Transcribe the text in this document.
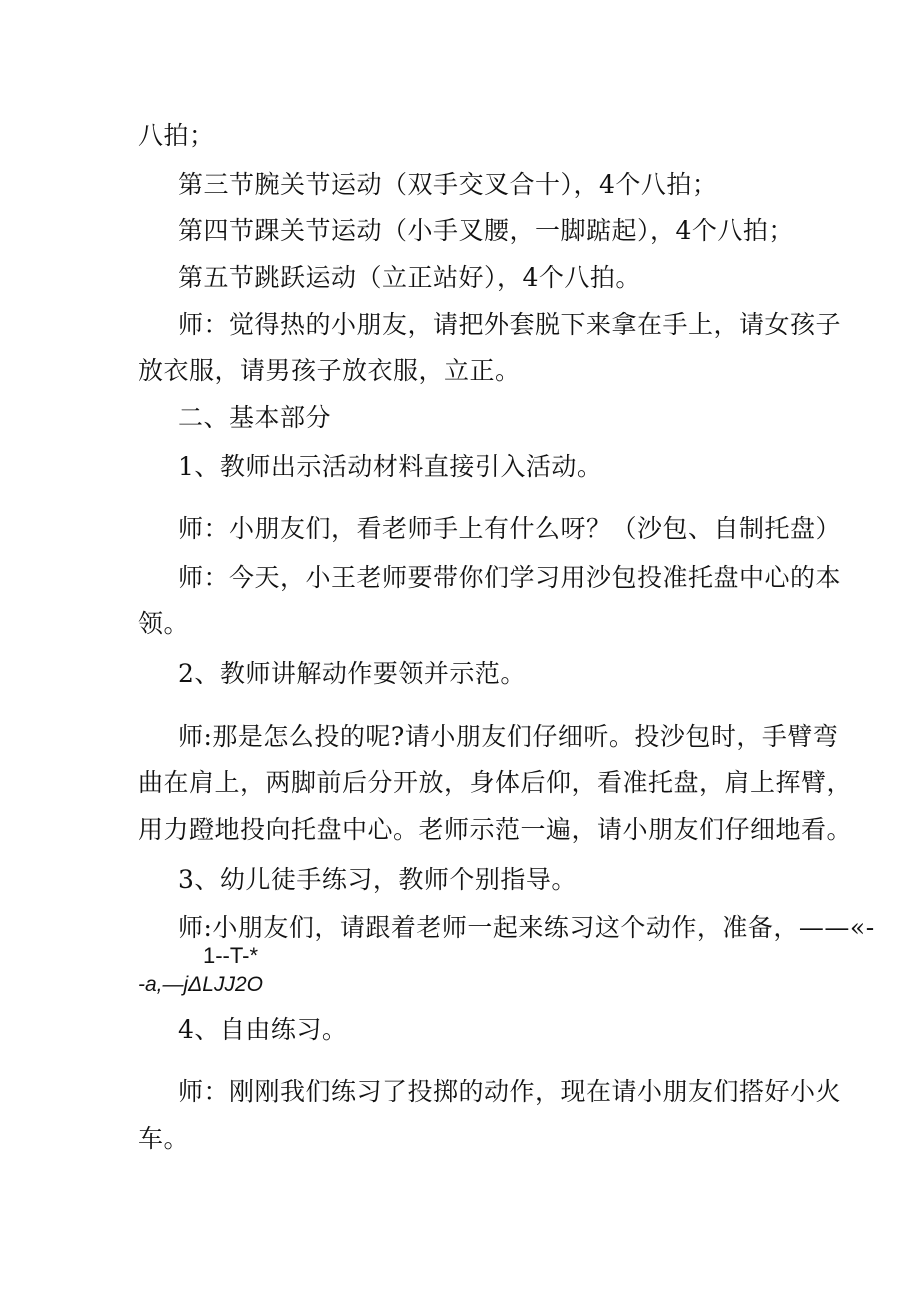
八拍；
第三节腕关节运动（双手交叉合十），4个八拍；
第四节踝关节运动（小手叉腰，一脚踮起），4个八拍；
第五节跳跃运动（立正站好），4个八拍。
师：觉得热的小朋友，请把外套脱下来拿在手上，请女孩子
放衣服，请男孩子放衣服，立正。
二、基本部分
1、教师出示活动材料直接引入活动。
师：小朋友们，看老师手上有什么呀？（沙包、自制托盘）
师：今天，小王老师要带你们学习用沙包投准托盘中心的本
领。
2、教师讲解动作要领并示范。
师:那是怎么投的呢?请小朋友们仔细听。投沙包时，手臂弯
曲在肩上，两脚前后分开放，身体后仰，看准托盘，肩上挥臂，
用力蹬地投向托盘中心。老师示范一遍，请小朋友们仔细地看。
3、幼儿徒手练习，教师个别指导。
师:小朋友们，请跟着老师一起来练习这个动作，准备，——«-
1--T-*
-a,—jΔLJJ2O
4、自由练习。
师：刚刚我们练习了投掷的动作，现在请小朋友们搭好小火
车。
